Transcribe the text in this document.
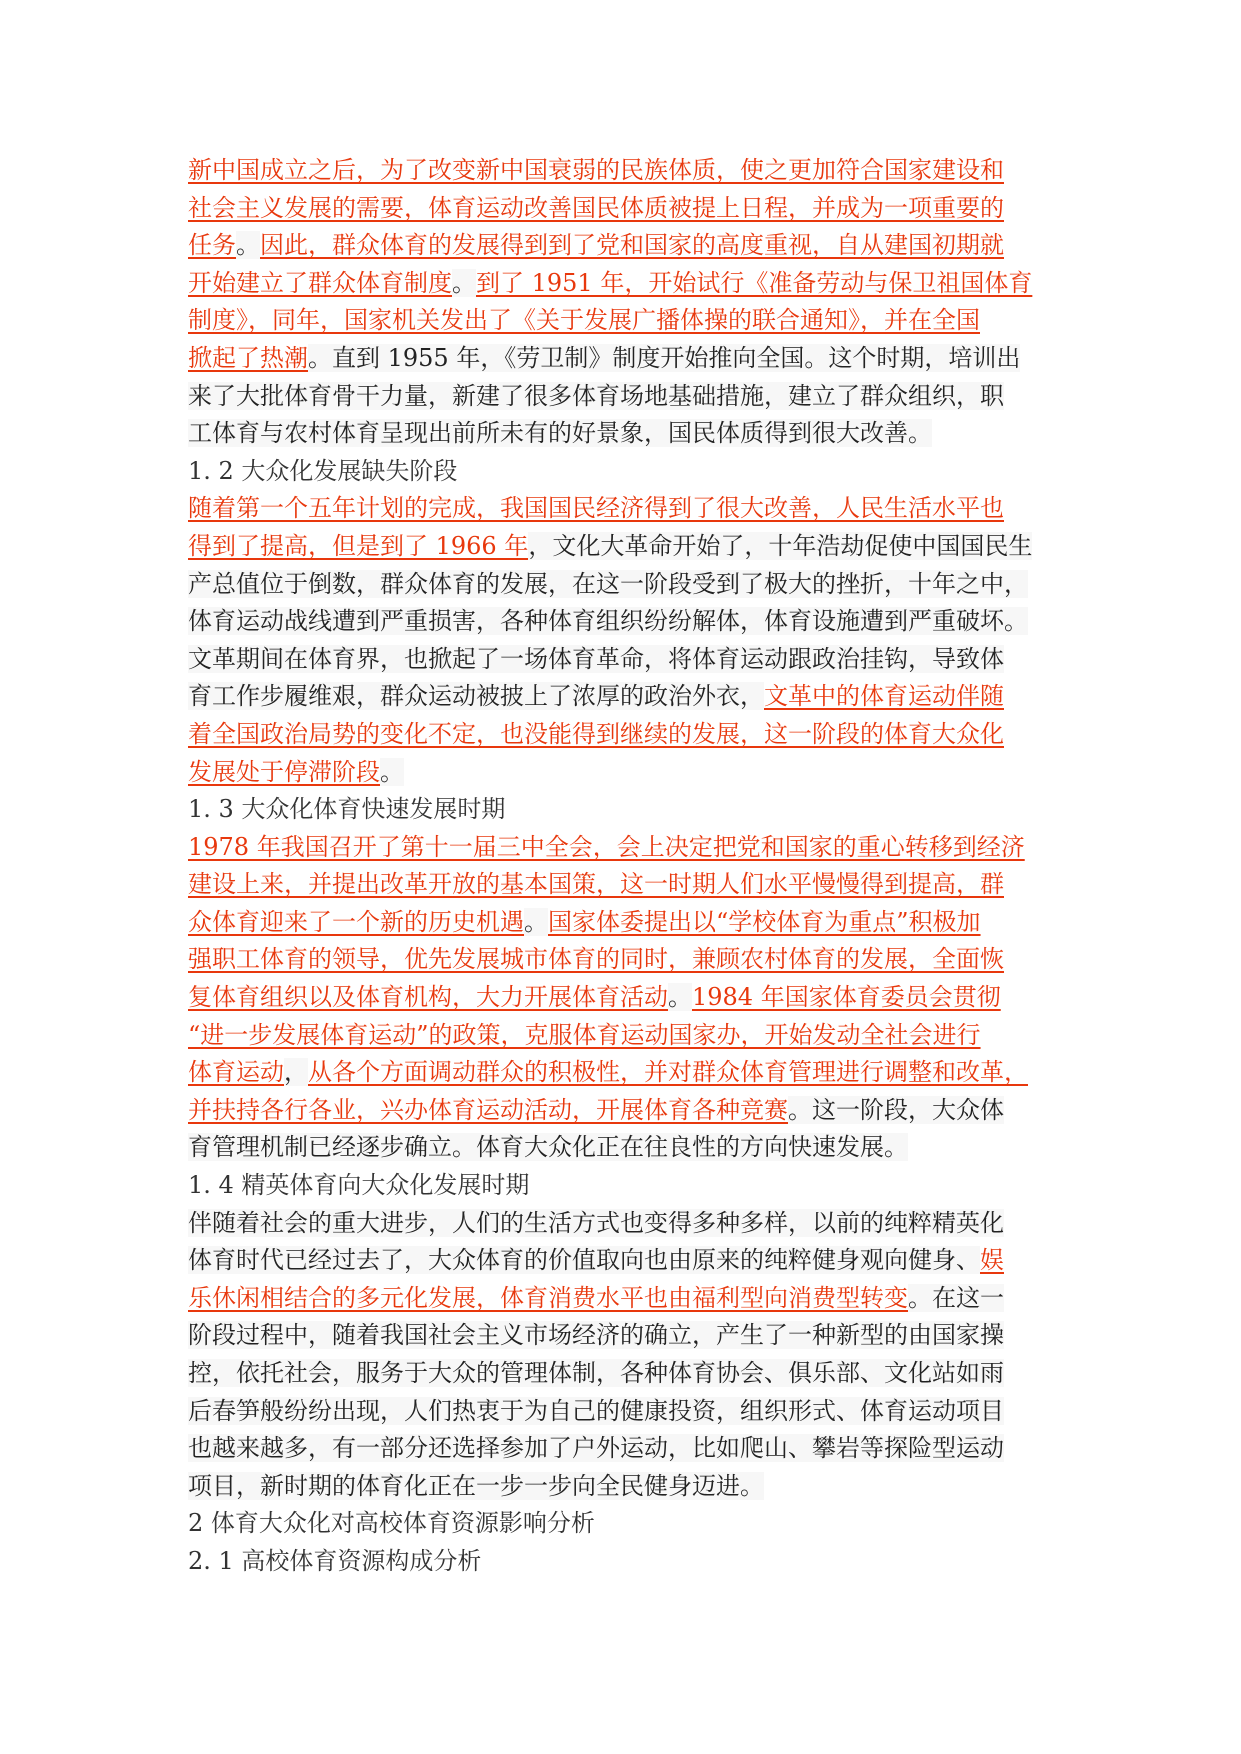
新中国成立之后，为了改变新中国衰弱的民族体质，使之更加符合国家建设和
社会主义发展的需要，体育运动改善国民体质被提上日程，并成为一项重要的
任务。因此，群众体育的发展得到到了党和国家的高度重视，自从建国初期就
开始建立了群众体育制度。到了 1951 年，开始试行《准备劳动与保卫祖国体育
制度》，同年，国家机关发出了《关于发展广播体操的联合通知》，并在全国
掀起了热潮。直到 1955 年，《劳卫制》制度开始推向全国。这个时期，培训出
来了大批体育骨干力量，新建了很多体育场地基础措施，建立了群众组织，职
工体育与农村体育呈现出前所未有的好景象，国民体质得到很大改善。
1. 2 大众化发展缺失阶段
随着第一个五年计划的完成，我国国民经济得到了很大改善，人民生活水平也
得到了提高，但是到了 1966 年，文化大革命开始了，十年浩劫促使中国国民生
产总值位于倒数，群众体育的发展，在这一阶段受到了极大的挫折，十年之中，
体育运动战线遭到严重损害，各种体育组织纷纷解体，体育设施遭到严重破坏。
文革期间在体育界，也掀起了一场体育革命，将体育运动跟政治挂钩，导致体
育工作步履维艰，群众运动被披上了浓厚的政治外衣，文革中的体育运动伴随
着全国政治局势的变化不定，也没能得到继续的发展，这一阶段的体育大众化
发展处于停滞阶段。
1. 3 大众化体育快速发展时期
1978 年我国召开了第十一届三中全会，会上决定把党和国家的重心转移到经济
建设上来，并提出改革开放的基本国策，这一时期人们水平慢慢得到提高，群
众体育迎来了一个新的历史机遇。国家体委提出以“学校体育为重点”积极加
强职工体育的领导，优先发展城市体育的同时，兼顾农村体育的发展，全面恢
复体育组织以及体育机构，大力开展体育活动。1984 年国家体育委员会贯彻
“进一步发展体育运动”的政策，克服体育运动国家办，开始发动全社会进行
体育运动，从各个方面调动群众的积极性，并对群众体育管理进行调整和改革，
并扶持各行各业，兴办体育运动活动，开展体育各种竞赛。这一阶段，大众体
育管理机制已经逐步确立。体育大众化正在往良性的方向快速发展。
1. 4 精英体育向大众化发展时期
伴随着社会的重大进步，人们的生活方式也变得多种多样，以前的纯粹精英化
体育时代已经过去了，大众体育的价值取向也由原来的纯粹健身观向健身、娱
乐休闲相结合的多元化发展，体育消费水平也由福利型向消费型转变。在这一
阶段过程中，随着我国社会主义市场经济的确立，产生了一种新型的由国家操
控，依托社会，服务于大众的管理体制，各种体育协会、俱乐部、文化站如雨
后春笋般纷纷出现，人们热衷于为自己的健康投资，组织形式、体育运动项目
也越来越多，有一部分还选择参加了户外运动，比如爬山、攀岩等探险型运动
项目，新时期的体育化正在一步一步向全民健身迈进。
2 体育大众化对高校体育资源影响分析
2. 1 高校体育资源构成分析
